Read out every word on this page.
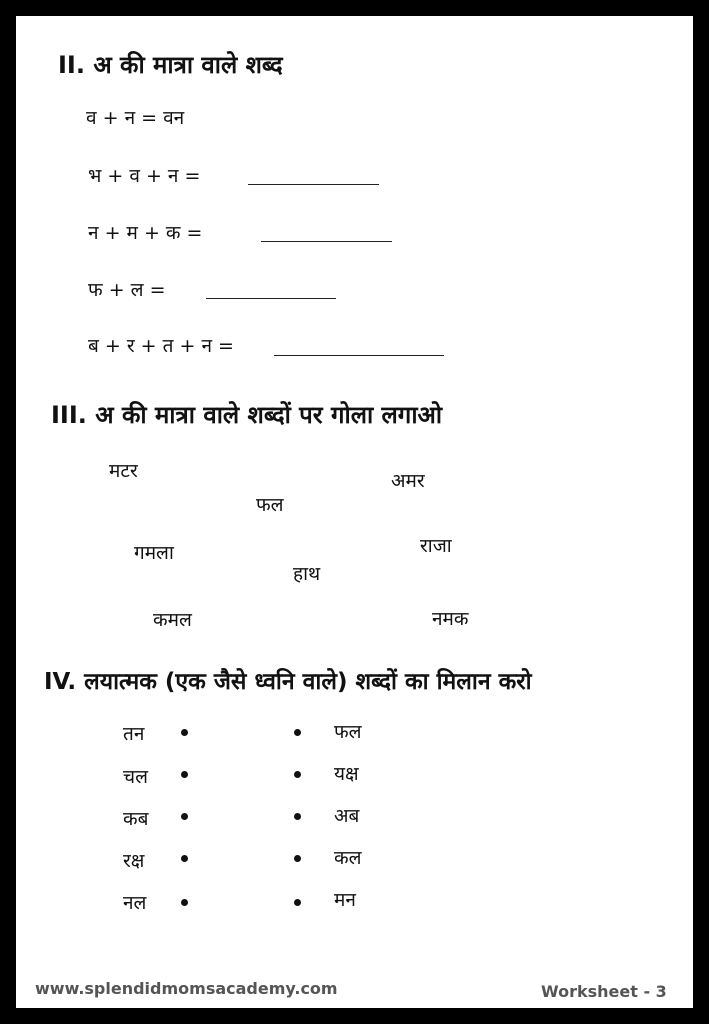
II. अ की मात्रा वाले शब्द
व + न = वन
भ + व + न =
न + म + क =
फ + ल =
ब + र + त + न =
III. अ की मात्रा वाले शब्दों पर गोला लगाओ
मटर	अमर
फल
गमला	राजा
हाथ
कमल	नमक
IV. लयात्मक (एक जैसे ध्वनि वाले) शब्दों का मिलान करो
तन	फल
चल	यक्ष
कब	अब
रक्ष	कल
नल	मन
www.splendidmomsacademy.com	Worksheet - 3
